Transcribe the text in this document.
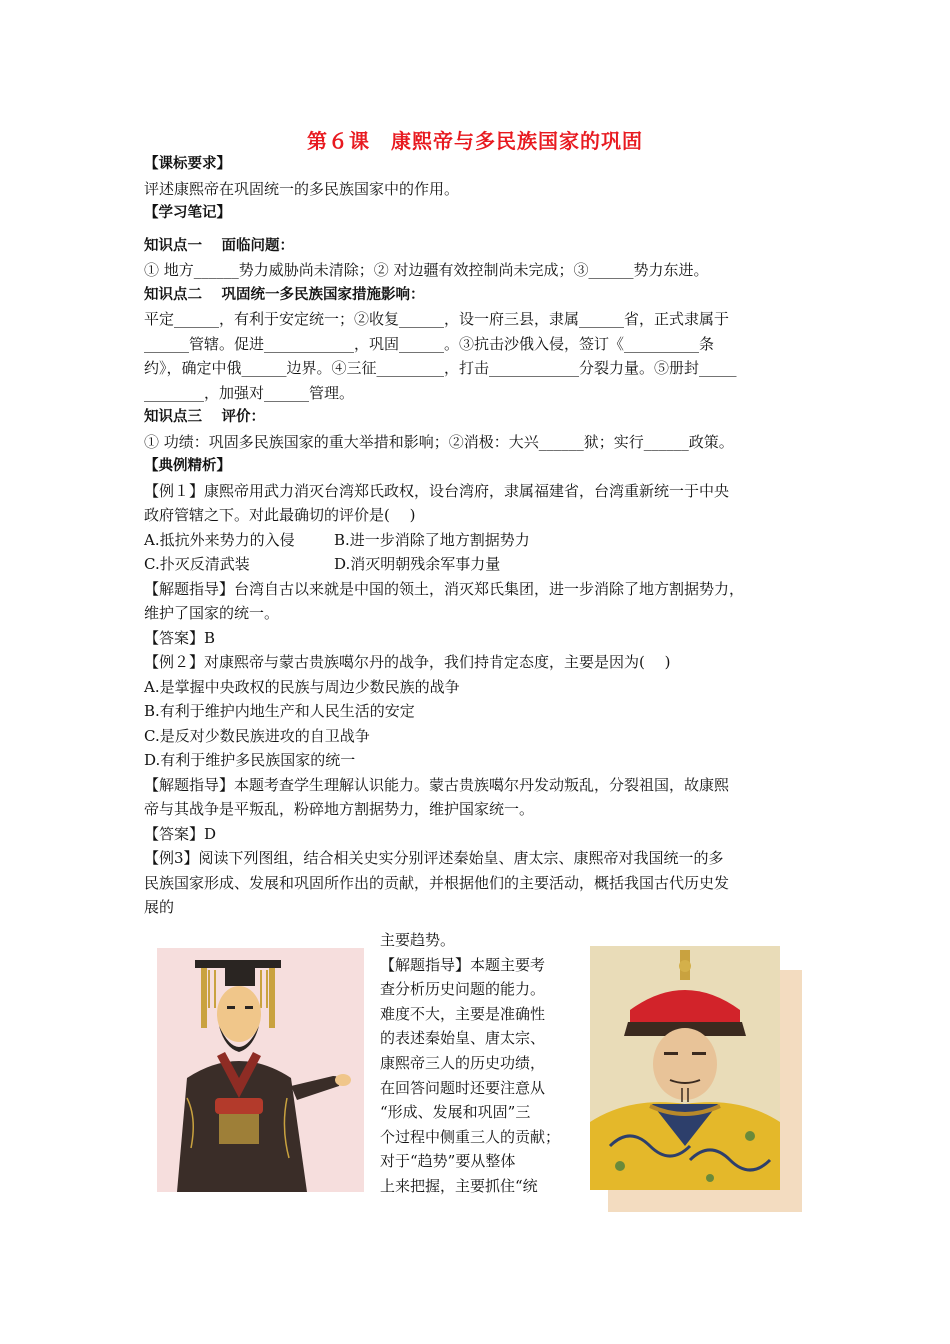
第６课　康熙帝与多民族国家的巩固

【课标要求】

评述康熙帝在巩固统一的多民族国家中的作用。

【学习笔记】

知识点一　 面临问题：

① 地方______势力威胁尚未清除；② 对边疆有效控制尚未完成；③______势力东进。

知识点二　 巩固统一多民族国家措施影响：

平定______，有利于安定统一；②收复______，设一府三县，隶属______省，正式隶属于

______管辖。促进____________，巩固______。③抗击沙俄入侵，签订《__________条

约》，确定中俄______边界。④三征_________，打击____________分裂力量。⑤册封_____

________，加强对______管理。

知识点三　 评价：

① 功绩：巩固多民族国家的重大举措和影响；②消极：大兴______狱；实行______政策。

【典例精析】

【例１】康熙帝用武力消灭台湾郑氏政权，设台湾府，隶属福建省，台湾重新统一于中央

政府管辖之下。对此最确切的评价是(　 )

A.抵抗外来势力的入侵	B.进一步消除了地方割据势力

C.扑灭反清武装	D.消灭明朝残余军事力量

【解题指导】台湾自古以来就是中国的领土，消灭郑氏集团，进一步消除了地方割据势力，

维护了国家的统一。

【答案】B

【例２】对康熙帝与蒙古贵族噶尔丹的战争，我们持肯定态度，主要是因为(　 )

A.是掌握中央政权的民族与周边少数民族的战争

B.有利于维护内地生产和人民生活的安定

C.是反对少数民族进攻的自卫战争

D.有利于维护多民族国家的统一

【解题指导】本题考查学生理解认识能力。蒙古贵族噶尔丹发动叛乱，分裂祖国，故康熙

帝与其战争是平叛乱，粉碎地方割据势力，维护国家统一。

【答案】D

【例3】阅读下列图组，结合相关史实分别评述秦始皇、唐太宗、康熙帝对我国统一的多

民族国家形成、发展和巩固所作出的贡献，并根据他们的主要活动，概括我国古代历史发

展的

主要趋势。

【解题指导】本题主要考

查分析历史问题的能力。

难度不大，主要是准确性

的表述秦始皇、唐太宗、

康熙帝三人的历史功绩，

在回答问题时还要注意从

“形成、发展和巩固”三

个过程中侧重三人的贡献；

对于“趋势”要从整体

上来把握，主要抓住“统
